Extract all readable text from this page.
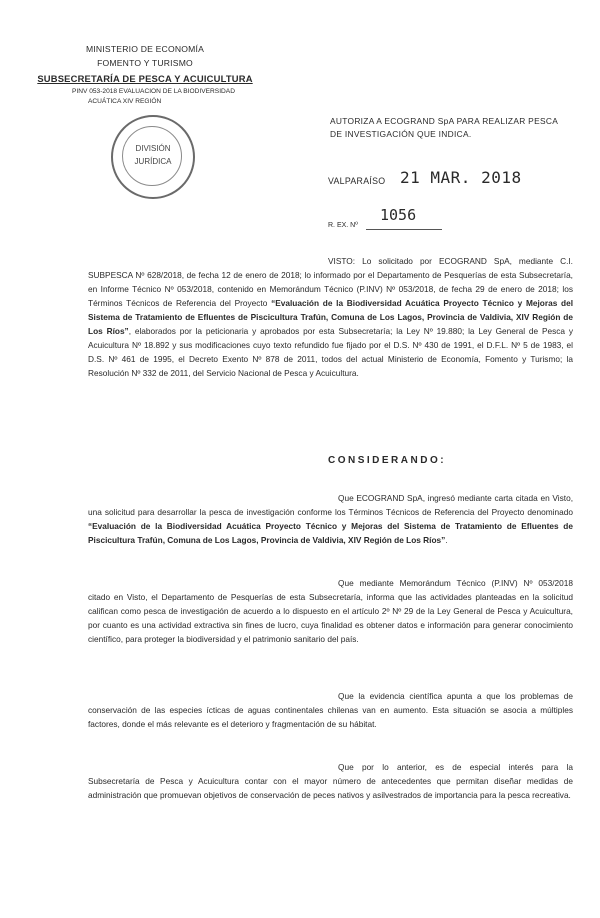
MINISTERIO DE ECONOMÍA
FOMENTO Y TURISMO
SUBSECRETARÍA DE PESCA Y ACUICULTURA
PINV 053-2018 EVALUACION DE LA BIODIVERSIDAD
ACUÁTICA XIV REGIÓN
DIVISIÓN
JURÍDICA
AUTORIZA A ECOGRAND SpA PARA REALIZAR PESCA DE INVESTIGACIÓN QUE INDICA.
VALPARAÍSO 21 MAR. 2018
R. EX. Nº
1056

VISTO: Lo solicitado por ECOGRAND SpA, mediante C.I. SUBPESCA Nº 628/2018, de fecha 12 de enero de 2018; lo informado por el Departamento de Pesquerías de esta Subsecretaría, en Informe Técnico Nº 053/2018, contenido en Memorándum Técnico (P.INV) Nº 053/2018, de fecha 29 de enero de 2018; los Términos Técnicos de Referencia del Proyecto “Evaluación de la Biodiversidad Acuática Proyecto Técnico y Mejoras del Sistema de Tratamiento de Efluentes de Piscicultura Trafún, Comuna de Los Lagos, Provincia de Valdivia, XIV Región de Los Ríos”, elaborados por la peticionaria y aprobados por esta Subsecretaría; la Ley Nº 19.880; la Ley General de Pesca y Acuicultura Nº 18.892 y sus modificaciones cuyo texto refundido fue fijado por el D.S. Nº 430 de 1991, el D.F.L. Nº 5 de 1983, el D.S. Nº 461 de 1995, el Decreto Exento Nº 878 de 2011, todos del actual Ministerio de Economía, Fomento y Turismo; la Resolución Nº 332 de 2011, del Servicio Nacional de Pesca y Acuicultura.

CONSIDERANDO:

Que ECOGRAND SpA, ingresó mediante carta citada en Visto, una solicitud para desarrollar la pesca de investigación conforme los Términos Técnicos de Referencia del Proyecto denominado “Evaluación de la Biodiversidad Acuática Proyecto Técnico y Mejoras del Sistema de Tratamiento de Efluentes de Piscicultura Trafún, Comuna de Los Lagos, Provincia de Valdivia, XIV Región de Los Ríos”.

Que mediante Memorándum Técnico (P.INV) Nº 053/2018 citado en Visto, el Departamento de Pesquerías de esta Subsecretaría, informa que las actividades planteadas en la solicitud califican como pesca de investigación de acuerdo a lo dispuesto en el artículo 2º Nº 29 de la Ley General de Pesca y Acuicultura, por cuanto es una actividad extractiva sin fines de lucro, cuya finalidad es obtener datos e información para generar conocimiento científico, para proteger la biodiversidad y el patrimonio sanitario del país.

Que la evidencia científica apunta a que los problemas de conservación de las especies ícticas de aguas continentales chilenas van en aumento. Esta situación se asocia a múltiples factores, donde el más relevante es el deterioro y fragmentación de su hábitat.

Que por lo anterior, es de especial interés para la Subsecretaría de Pesca y Acuicultura contar con el mayor número de antecedentes que permitan diseñar medidas de administración que promuevan objetivos de conservación de peces nativos y asilvestrados de importancia para la pesca recreativa.
